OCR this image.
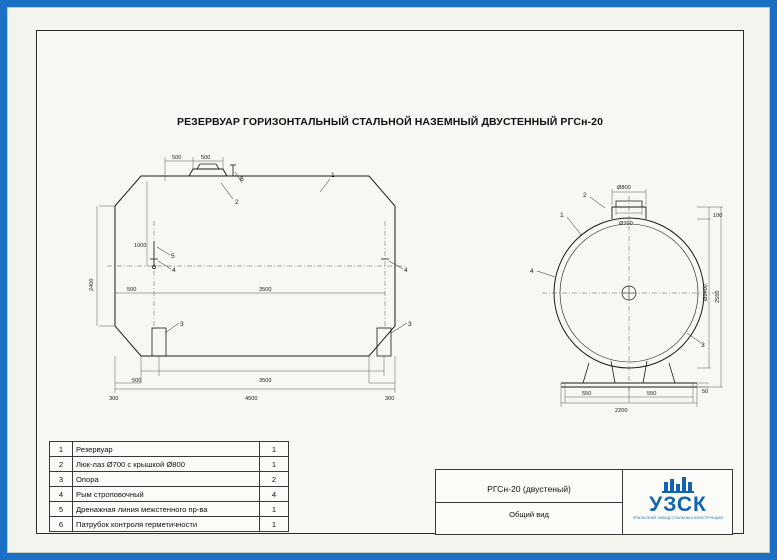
РЕЗЕРВУАР ГОРИЗОНТАЛЬНЫЙ СТАЛЬНОЙ НАЗЕМНЫЙ ДВУСТЕННЫЙ РГСн-20
500	500
1000
2400	500	3500
500	3500
4500
300	300
1
2
3	3
4	4
5
6
Ø800
Ø700
100
Ø2400 2550
550	550	50
2200
1
2
3
4
1	Резервуар	1
2	Люк-лаз Ø700 с крышкой Ø800	1
3	Опора	2
4	Рым строповочный	4
5	Дренажная линия межстенного пр-ва	1
6	Патрубок контроля герметичности	1
РГСн-20 (двустеный)
Общий вид	УЗСК
УРАЛЬСКИЙ ЗАВОД СТАЛЬНЫХ КОНСТРУКЦИЙ
